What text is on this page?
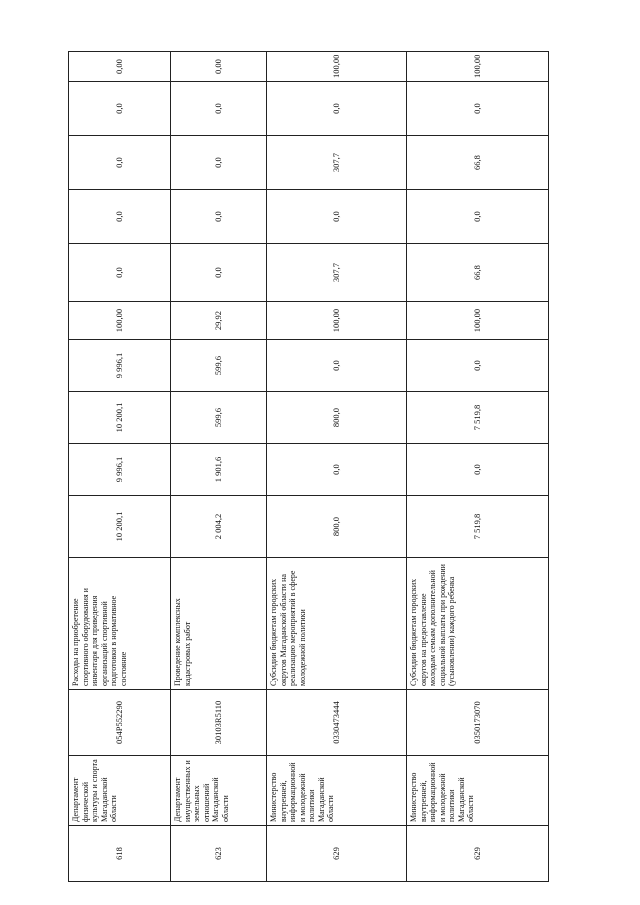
618	Департамент физической культуры и спорта Магаданской области	054Р552290	Расходы на приобретение спортивного оборудования и инвентаря для приведения организаций спортивной подготовки в нормативное состояние	10 200,1	9 996,1	10 200,1	9 996,1	100,00	0,0	0,0	0,0	0,0	0,00
623	Департамент имущественных и земельных отношений Магаданской области	30103R5110	Проведение комплексных кадастровых работ	2 004,2	1 901,6	599,6	599,6	29,92	0,0	0,0	0,0	0,0	0,00
629	Министерство внутренней, информационной и молодежной политики Магаданской области	0330473444	Субсидии бюджетам городских округов Магаданской области на реализацию мероприятий в сфере молодежной политики	800,0	0,0	800,0	0,0	100,00	307,7	0,0	307,7	0,0	100,00
629	Министерство внутренней, информационной и молодежной политики Магаданской области	0350173070	Субсидии бюджетам городских округов на предоставление молодым семьям дополнительной социальной выплаты при рождении (усыновлении) каждого ребенка	7 519,8	0,0	7 519,8	0,0	100,00	66,8	0,0	66,8	0,0	100,00
